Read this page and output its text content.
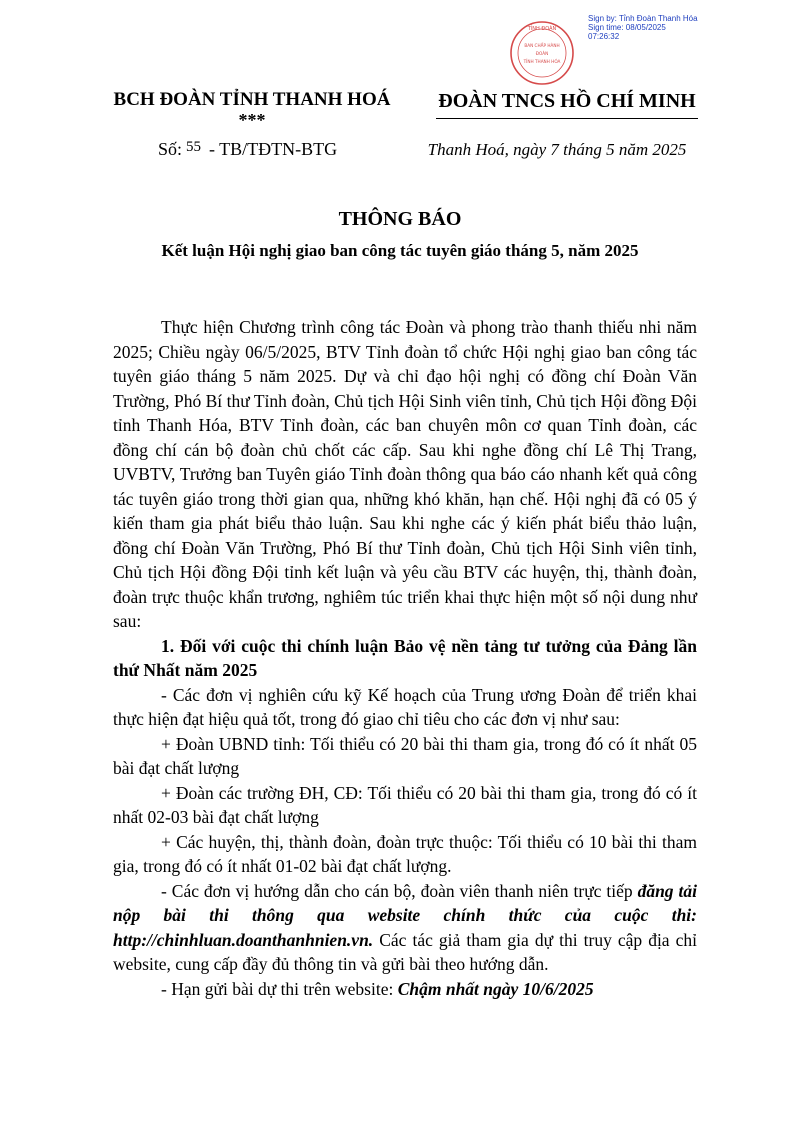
TỈNH ĐOÀN
BAN CHẤP HÀNH
ĐOÀN
TỈNH THANH HÓA
Sign by: Tỉnh Đoàn Thanh Hóa
Sign time: 08/05/2025 07:26:32
BCH ĐOÀN TỈNH THANH HOÁ
***
Số: $^{55}$ - TB/TĐTN-BTG
ĐOÀN TNCS HỒ CHÍ MINH
Thanh Hoá, ngày 7 tháng 5 năm 2025
THÔNG BÁO
Kết luận Hội nghị giao ban công tác tuyên giáo tháng 5, năm 2025

Thực hiện Chương trình công tác Đoàn và phong trào thanh thiếu nhi năm 2025; Chiều ngày 06/5/2025, BTV Tỉnh đoàn tổ chức Hội nghị giao ban công tác tuyên giáo tháng 5 năm 2025. Dự và chỉ đạo hội nghị có đồng chí Đoàn Văn Trường, Phó Bí thư Tỉnh đoàn, Chủ tịch Hội Sinh viên tỉnh, Chủ tịch Hội đồng Đội tỉnh Thanh Hóa, BTV Tỉnh đoàn, các ban chuyên môn cơ quan Tỉnh đoàn, các đồng chí cán bộ đoàn chủ chốt các cấp. Sau khi nghe đồng chí Lê Thị Trang, UVBTV, Trưởng ban Tuyên giáo Tỉnh đoàn thông qua báo cáo nhanh kết quả công tác tuyên giáo trong thời gian qua, những khó khăn, hạn chế. Hội nghị đã có 05 ý kiến tham gia phát biểu thảo luận. Sau khi nghe các ý kiến phát biểu thảo luận, đồng chí Đoàn Văn Trường, Phó Bí thư Tỉnh đoàn, Chủ tịch Hội Sinh viên tỉnh, Chủ tịch Hội đồng Đội tỉnh kết luận và yêu cầu BTV các huyện, thị, thành đoàn, đoàn trực thuộc khẩn trương, nghiêm túc triển khai thực hiện một số nội dung như sau:

1. Đối với cuộc thi chính luận Bảo vệ nền tảng tư tưởng của Đảng lần thứ Nhất năm 2025

- Các đơn vị nghiên cứu kỹ Kế hoạch của Trung ương Đoàn để triển khai thực hiện đạt hiệu quả tốt, trong đó giao chỉ tiêu cho các đơn vị như sau:

+ Đoàn UBND tỉnh: Tối thiểu có 20 bài thi tham gia, trong đó có ít nhất 05 bài đạt chất lượng

+ Đoàn các trường ĐH, CĐ: Tối thiểu có 20 bài thi tham gia, trong đó có ít nhất 02-03 bài đạt chất lượng

+ Các huyện, thị, thành đoàn, đoàn trực thuộc: Tối thiểu có 10 bài thi tham gia, trong đó có ít nhất 01-02 bài đạt chất lượng.

- Các đơn vị hướng dẫn cho cán bộ, đoàn viên thanh niên trực tiếp đăng tải nộp bài thi thông qua website chính thức của cuộc thi: http://chinhluan.doanthanhnien.vn. Các tác giả tham gia dự thi truy cập địa chỉ website, cung cấp đầy đủ thông tin và gửi bài theo hướng dẫn.

- Hạn gửi bài dự thi trên website: Chậm nhất ngày 10/6/2025
